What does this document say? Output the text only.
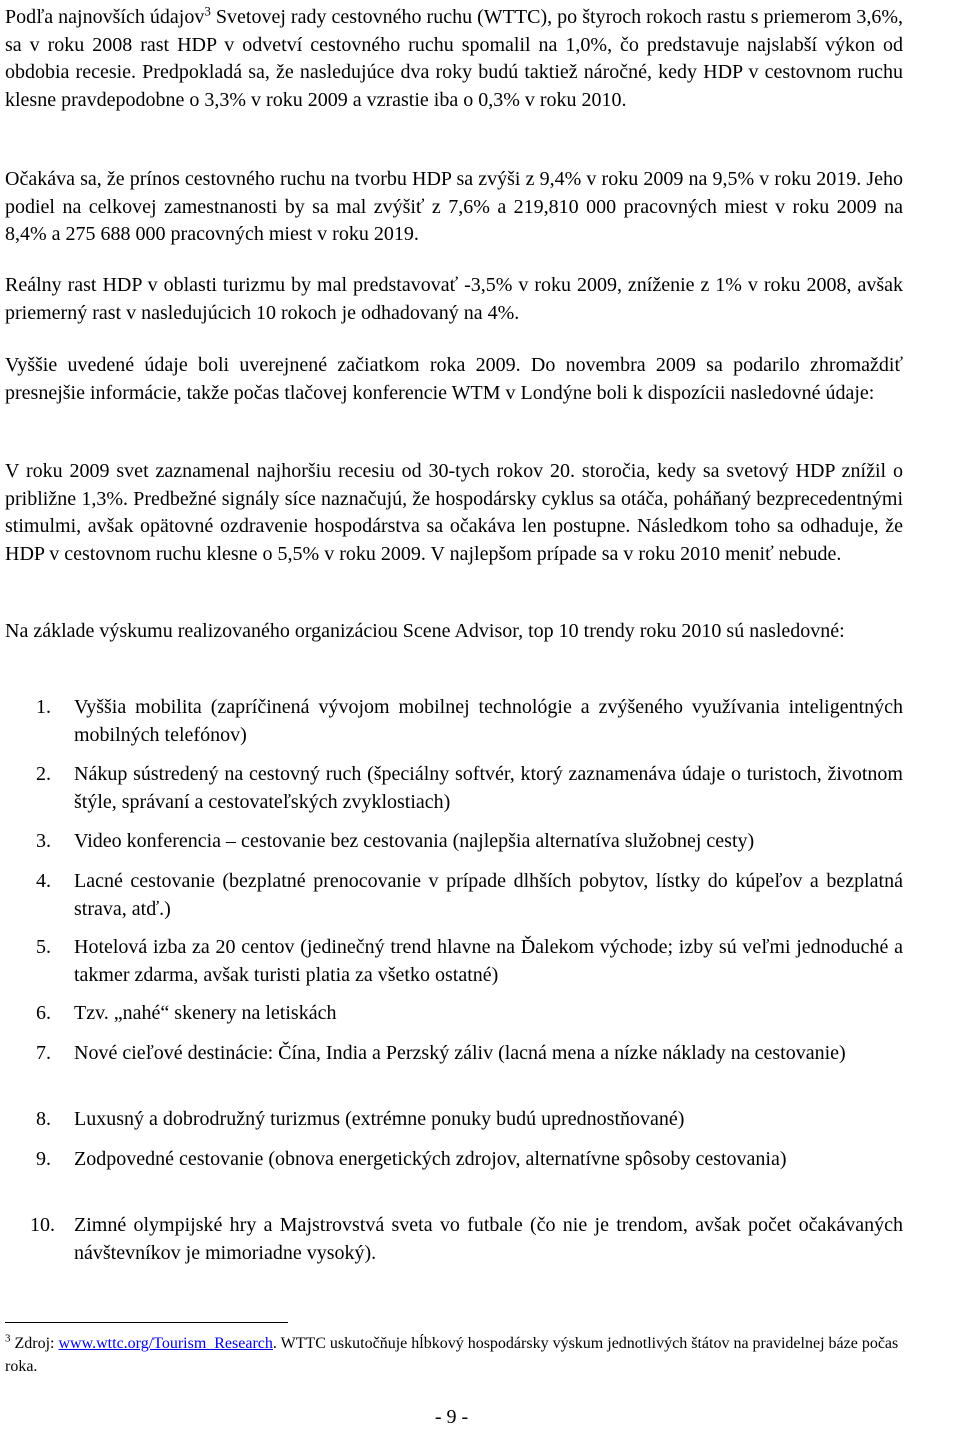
Podľa najnovších údajov$^3$ Svetovej rady cestovného ruchu (WTTC), po štyroch rokoch rastu s priemerom 3,6%, sa v roku 2008 rast HDP v odvetví cestovného ruchu spomalil na 1,0%, čo predstavuje najslabší výkon od obdobia recesie. Predpokladá sa, že nasledujúce dva roky budú taktiež náročné, kedy HDP v cestovnom ruchu klesne pravdepodobne o 3,3% v roku 2009 a vzrastie iba o 0,3% v roku 2010.

Očakáva sa, že prínos cestovného ruchu na tvorbu HDP sa zvýši z 9,4% v roku 2009 na 9,5% v roku 2019. Jeho podiel na celkovej zamestnanosti by sa mal zvýšiť z 7,6% a 219,810 000 pracovných miest v roku 2009 na 8,4% a 275 688 000 pracovných miest v roku 2019.

Reálny rast HDP v oblasti turizmu by mal predstavovať -3,5% v roku 2009, zníženie z 1% v roku 2008, avšak priemerný rast v nasledujúcich 10 rokoch je odhadovaný na 4%.

Vyššie uvedené údaje boli uverejnené začiatkom roka 2009. Do novembra 2009 sa podarilo zhromaždiť presnejšie informácie, takže počas tlačovej konferencie WTM v Londýne boli k dispozícii nasledovné údaje:

V roku 2009 svet zaznamenal najhoršiu recesiu od 30-tych rokov 20. storočia, kedy sa svetový HDP znížil o približne 1,3%. Predbežné signály síce naznačujú, že hospodársky cyklus sa otáča, poháňaný bezprecedentnými stimulmi, avšak opätovné ozdravenie hospodárstva sa očakáva len postupne. Následkom toho sa odhaduje, že HDP v cestovnom ruchu klesne o 5,5% v roku 2009. V najlepšom prípade sa v roku 2010 meniť nebude.

Na základe výskumu realizovaného organizáciou Scene Advisor, top 10 trendy roku 2010 sú nasledovné:

1. Vyššia mobilita (zapríčinená vývojom mobilnej technológie a zvýšeného využívania inteligentných mobilných telefónov)
2. Nákup sústredený na cestovný ruch (špeciálny softvér, ktorý zaznamenáva údaje o turistoch, životnom štýle, správaní a cestovateľských zvyklostiach)
3. Video konferencia – cestovanie bez cestovania (najlepšia alternatíva služobnej cesty)
4. Lacné cestovanie (bezplatné prenocovanie v prípade dlhších pobytov, lístky do kúpeľov a bezplatná strava, atď.)
5. Hotelová izba za 20 centov (jedinečný trend hlavne na Ďalekom východe; izby sú veľmi jednoduché a takmer zdarma, avšak turisti platia za všetko ostatné)
6. Tzv. „nahé“ skenery na letiskách
7. Nové cieľové destinácie: Čína, India a Perzský záliv (lacná mena a nízke náklady na cestovanie)
8. Luxusný a dobrodružný turizmus (extrémne ponuky budú uprednostňované)
9. Zodpovedné cestovanie (obnova energetických zdrojov, alternatívne spôsoby cestovania)
10. Zimné olympijské hry a Majstrovstvá sveta vo futbale (čo nie je trendom, avšak počet očakávaných návštevníkov je mimoriadne vysoký).

$^3$ Zdroj: www.wttc.org/Tourism_Research. WTTC uskutočňuje hĺbkový hospodársky výskum jednotlivých štátov na pravidelnej báze počas roka.

- 9 -
